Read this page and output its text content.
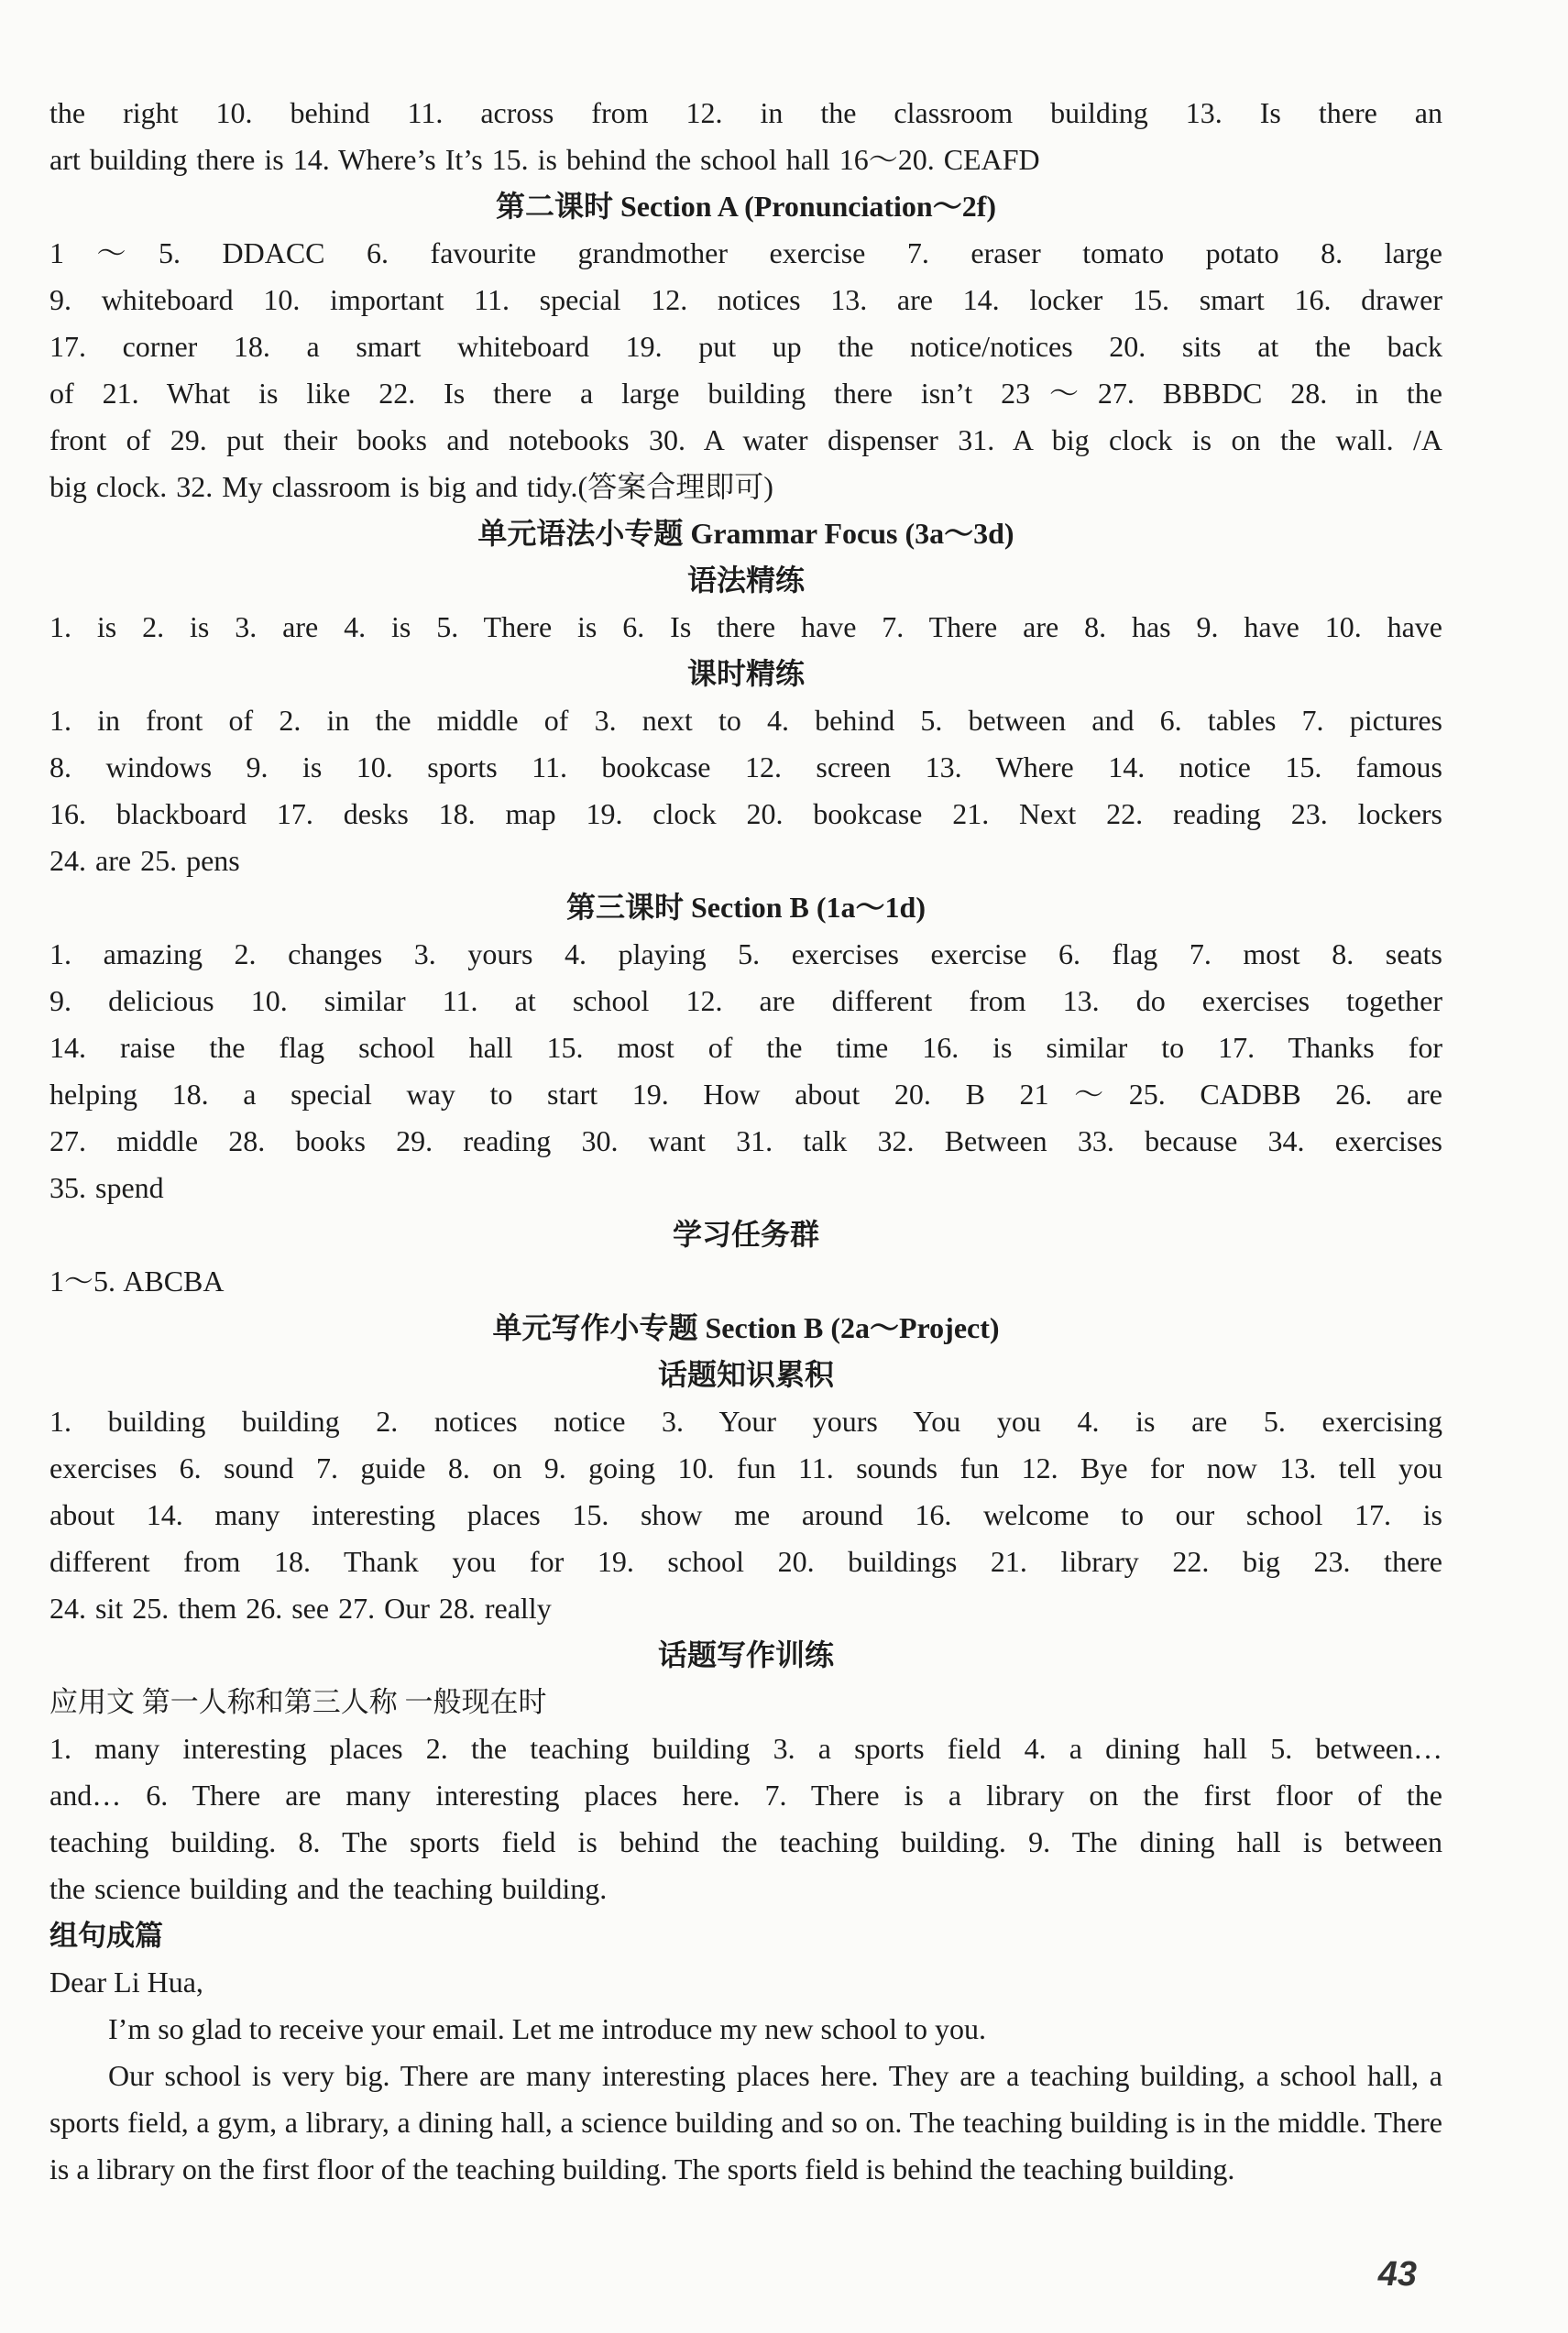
the right 10. behind 11. across from 12. in the classroom building 13. Is there an
art building there is 14. Where’s It’s 15. is behind the school hall 16～20. CEAFD
第二课时 Section A (Pronunciation～2f)
1～5. DDACC 6. favourite grandmother exercise 7. eraser tomato potato 8. large
9. whiteboard 10. important 11. special 12. notices 13. are 14. locker 15. smart 16. drawer
17. corner 18. a smart whiteboard 19. put up the notice/notices 20. sits at the back
of 21. What is like 22. Is there a large building there isn’t 23～27. BBBDC 28. in the
front of 29. put their books and notebooks 30. A water dispenser 31. A big clock is on the wall. /A
big clock. 32. My classroom is big and tidy.(答案合理即可)
单元语法小专题 Grammar Focus (3a～3d)
语法精练
1. is 2. is 3. are 4. is 5. There is 6. Is there have 7. There are 8. has 9. have 10. have
课时精练
1. in front of 2. in the middle of 3. next to 4. behind 5. between and 6. tables 7. pictures
8. windows 9. is 10. sports 11. bookcase 12. screen 13. Where 14. notice 15. famous
16. blackboard 17. desks 18. map 19. clock 20. bookcase 21. Next 22. reading 23. lockers
24. are 25. pens
第三课时 Section B (1a～1d)
1. amazing 2. changes 3. yours 4. playing 5. exercises exercise 6. flag 7. most 8. seats
9. delicious 10. similar 11. at school 12. are different from 13. do exercises together
14. raise the flag school hall 15. most of the time 16. is similar to 17. Thanks for
helping 18. a special way to start 19. How about 20. B 21～25. CADBB 26. are
27. middle 28. books 29. reading 30. want 31. talk 32. Between 33. because 34. exercises
35. spend
学习任务群
1～5. ABCBA
单元写作小专题 Section B (2a～Project)
话题知识累积
1. building building 2. notices notice 3. Your yours You you 4. is are 5. exercising
exercises 6. sound 7. guide 8. on 9. going 10. fun 11. sounds fun 12. Bye for now 13. tell you
about 14. many interesting places 15. show me around 16. welcome to our school 17. is
different from 18. Thank you for 19. school 20. buildings 21. library 22. big 23. there
24. sit 25. them 26. see 27. Our 28. really
话题写作训练
应用文 第一人称和第三人称 一般现在时
1. many interesting places 2. the teaching building 3. a sports field 4. a dining hall 5. between…
and… 6. There are many interesting places here. 7. There is a library on the first floor of the
teaching building. 8. The sports field is behind the teaching building. 9. The dining hall is between
the science building and the teaching building.
组句成篇

Dear Li Hua,

I’m so glad to receive your email. Let me introduce my new school to you.

Our school is very big. There are many interesting places here. They are a teaching building, a school hall, a sports field, a gym, a library, a dining hall, a science building and so on. The teaching building is in the middle. There is a library on the first floor of the teaching building. The sports field is behind the teaching building.

43
